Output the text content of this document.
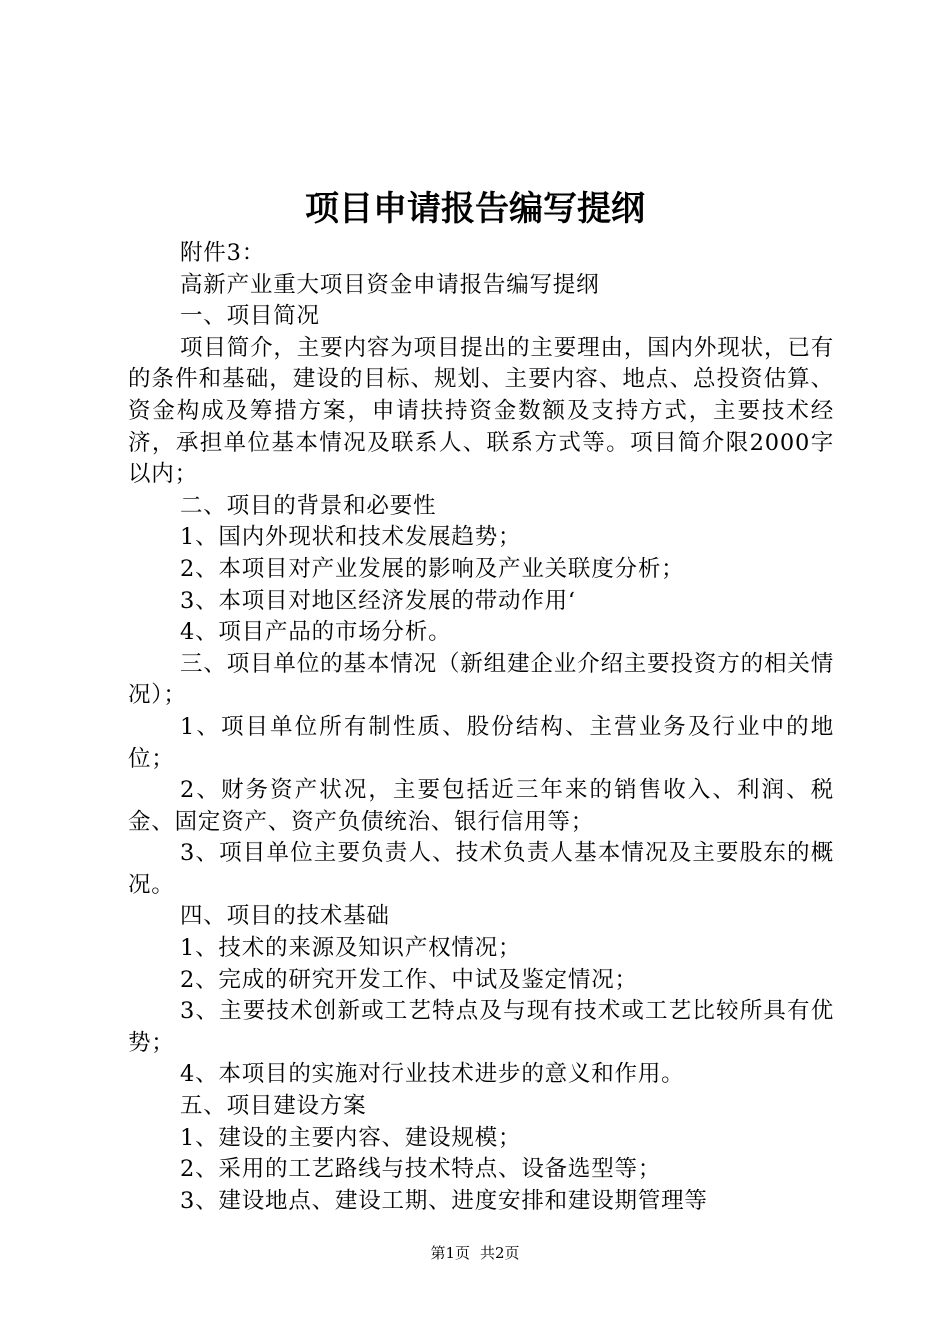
项目申请报告编写提纲

附件3：

高新产业重大项目资金申请报告编写提纲

一、项目简况

项目简介，主要内容为项目提出的主要理由，国内外现状，已有的条件和基础，建设的目标、规划、主要内容、地点、总投资估算、资金构成及筹措方案，申请扶持资金数额及支持方式，主要技术经济，承担单位基本情况及联系人、联系方式等。项目简介限2000字以内；

二、项目的背景和必要性

1、国内外现状和技术发展趋势；

2、本项目对产业发展的影响及产业关联度分析；

3、本项目对地区经济发展的带动作用‘

4、项目产品的市场分析。

三、项目单位的基本情况（新组建企业介绍主要投资方的相关情况）；

1、项目单位所有制性质、股份结构、主营业务及行业中的地位；

2、财务资产状况，主要包括近三年来的销售收入、利润、税金、固定资产、资产负债统治、银行信用等；

3、项目单位主要负责人、技术负责人基本情况及主要股东的概况。

四、项目的技术基础

1、技术的来源及知识产权情况；

2、完成的研究开发工作、中试及鉴定情况；

3、主要技术创新或工艺特点及与现有技术或工艺比较所具有优势；

4、本项目的实施对行业技术进步的意义和作用。

五、项目建设方案

1、建设的主要内容、建设规模；

2、采用的工艺路线与技术特点、设备选型等；

3、建设地点、建设工期、进度安排和建设期管理等

第1页 共2页
